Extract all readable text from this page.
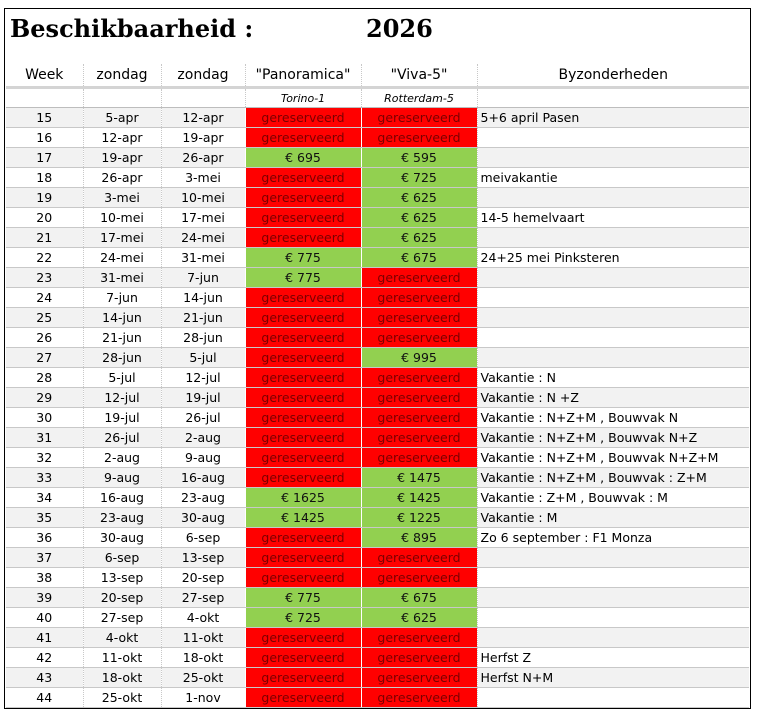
Beschikbaarheid :	2026
Week	zondag	zondag	"Panoramica"	"Viva-5"	Byzonderheden
			Torino-1	Rotterdam-5	
15	5-apr	12-apr	gereserveerd	gereserveerd	5+6 april Pasen
16	12-apr	19-apr	gereserveerd	gereserveerd	
17	19-apr	26-apr	€ 695	€ 595	
18	26-apr	3-mei	gereserveerd	€ 725	meivakantie
19	3-mei	10-mei	gereserveerd	€ 625	
20	10-mei	17-mei	gereserveerd	€ 625	14-5 hemelvaart
21	17-mei	24-mei	gereserveerd	€ 625	
22	24-mei	31-mei	€ 775	€ 675	24+25 mei Pinksteren
23	31-mei	7-jun	€ 775	gereserveerd	
24	7-jun	14-jun	gereserveerd	gereserveerd	
25	14-jun	21-jun	gereserveerd	gereserveerd	
26	21-jun	28-jun	gereserveerd	gereserveerd	
27	28-jun	5-jul	gereserveerd	€ 995	
28	5-jul	12-jul	gereserveerd	gereserveerd	Vakantie : N
29	12-jul	19-jul	gereserveerd	gereserveerd	Vakantie : N +Z
30	19-jul	26-jul	gereserveerd	gereserveerd	Vakantie : N+Z+M , Bouwvak N
31	26-jul	2-aug	gereserveerd	gereserveerd	Vakantie : N+Z+M , Bouwvak N+Z
32	2-aug	9-aug	gereserveerd	gereserveerd	Vakantie : N+Z+M , Bouwvak N+Z+M
33	9-aug	16-aug	gereserveerd	€ 1475	Vakantie : N+Z+M , Bouwvak : Z+M
34	16-aug	23-aug	€ 1625	€ 1425	Vakantie : Z+M , Bouwvak : M
35	23-aug	30-aug	€ 1425	€ 1225	Vakantie : M
36	30-aug	6-sep	gereserveerd	€ 895	Zo 6 september : F1 Monza
37	6-sep	13-sep	gereserveerd	gereserveerd	
38	13-sep	20-sep	gereserveerd	gereserveerd	
39	20-sep	27-sep	€ 775	€ 675	
40	27-sep	4-okt	€ 725	€ 625	
41	4-okt	11-okt	gereserveerd	gereserveerd	
42	11-okt	18-okt	gereserveerd	gereserveerd	Herfst Z
43	18-okt	25-okt	gereserveerd	gereserveerd	Herfst N+M
44	25-okt	1-nov	gereserveerd	gereserveerd	
